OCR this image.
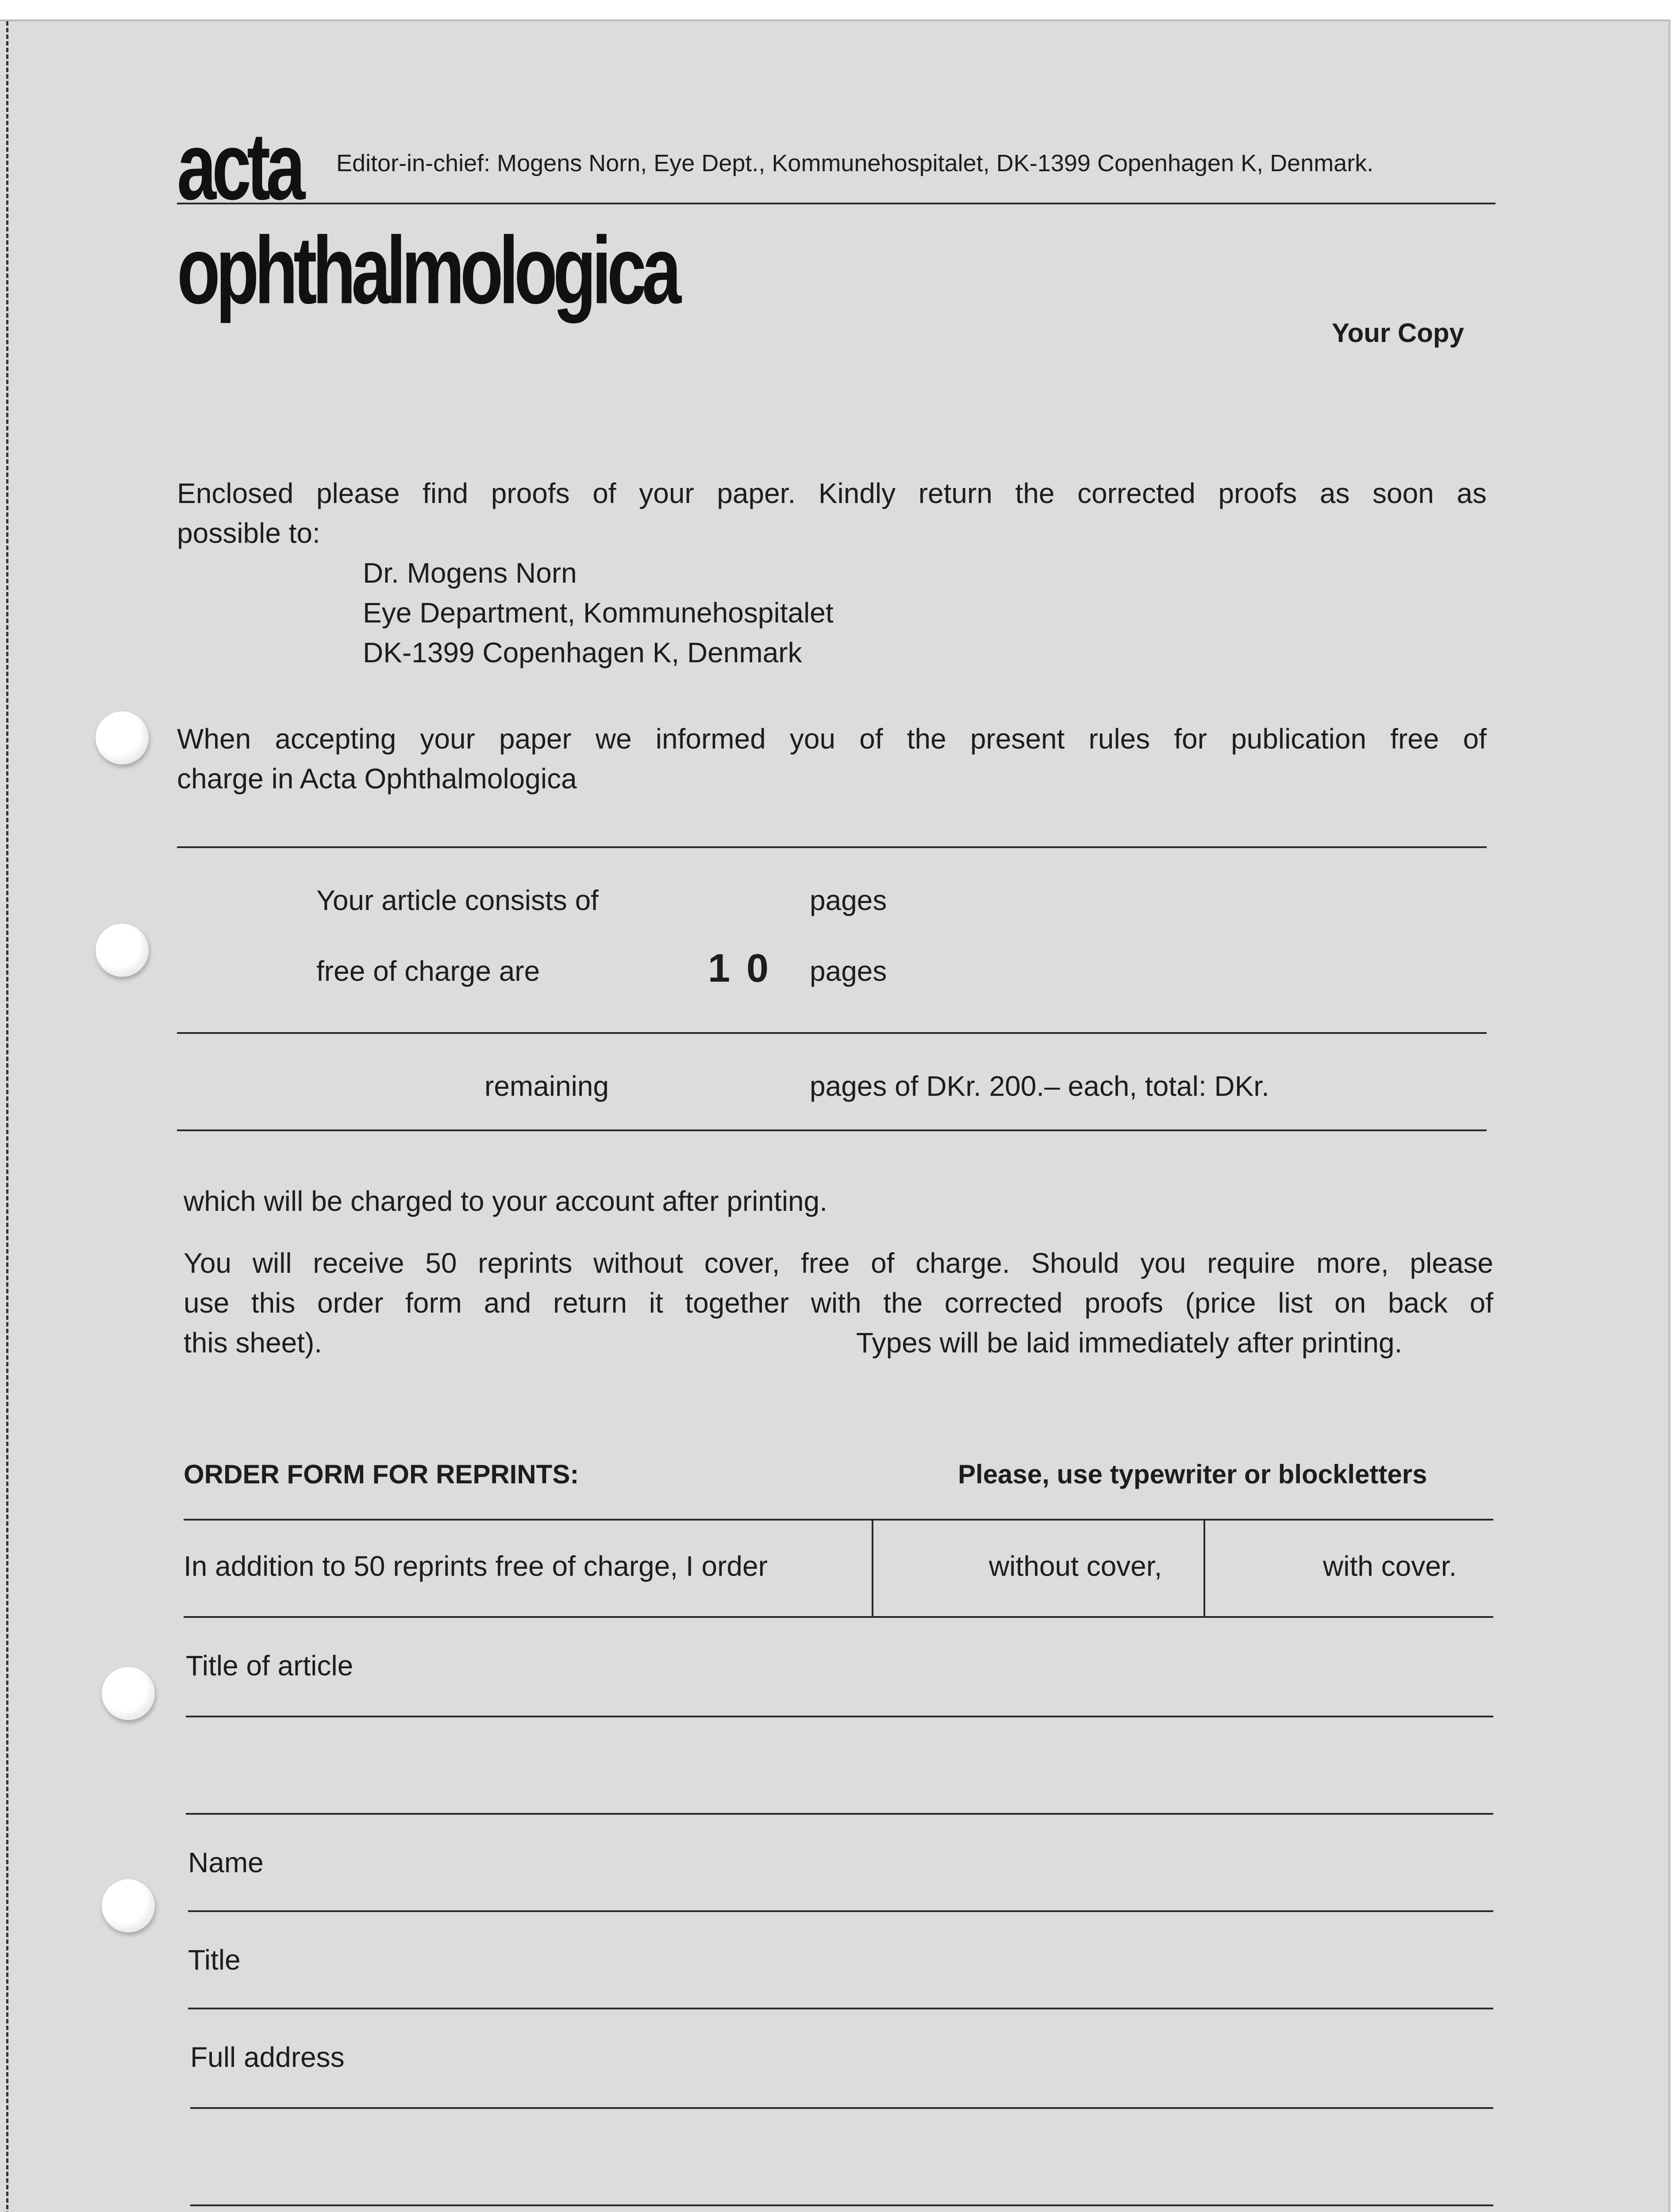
acta Editor-in-chief: Mogens Norn, Eye Dept., Kommunehospitalet, DK-1399 Copenhagen K, Denmark.
ophthalmologica
Your Copy
Enclosed please find proofs of your paper. Kindly return the corrected proofs as soon as
possible to:
Dr. Mogens Norn
Eye Department, Kommunehospitalet
DK-1399 Copenhagen K, Denmark
When accepting your paper we informed you of the present rules for publication free of
charge in Acta Ophthalmologica
Your article consists of	pages
free of charge are	1 0 pages
remaining	pages of DKr. 200.– each, total: DKr.
which will be charged to your account after printing.
You will receive 50 reprints without cover, free of charge. Should you require more, please
use this order form and return it together with the corrected proofs (price list on back of
this sheet).	Types will be laid immediately after printing.
ORDER FORM FOR REPRINTS:	Please, use typewriter or blockletters
In addition to 50 reprints free of charge, I order	without cover,	with cover.
Title of article
Name
Title
Full address
